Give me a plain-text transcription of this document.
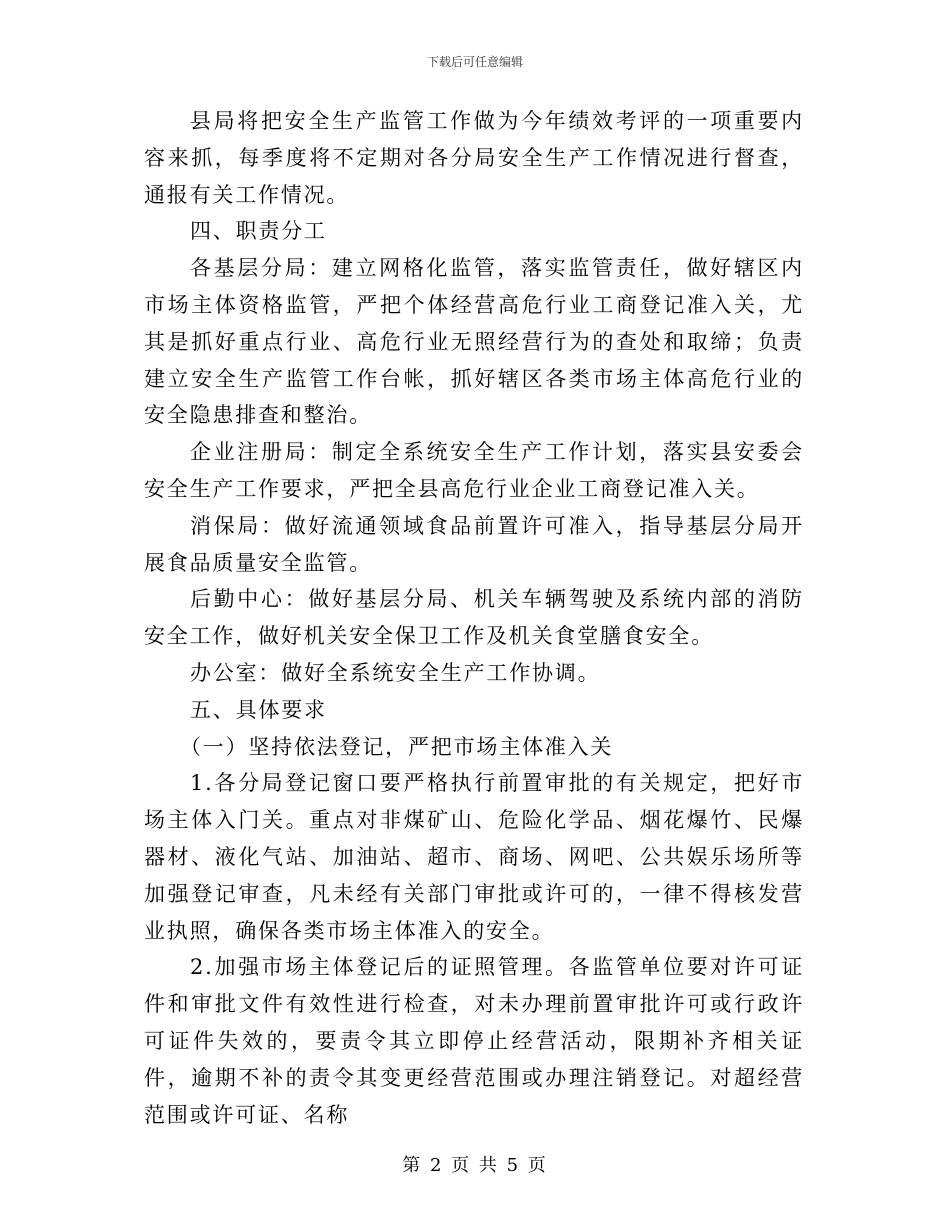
下载后可任意编辑

县局将把安全生产监管工作做为今年绩效考评的一项重要内容来抓，每季度将不定期对各分局安全生产工作情况进行督查，通报有关工作情况。

四、职责分工

各基层分局：建立网格化监管，落实监管责任，做好辖区内市场主体资格监管，严把个体经营高危行业工商登记准入关，尤其是抓好重点行业、高危行业无照经营行为的查处和取缔；负责建立安全生产监管工作台帐，抓好辖区各类市场主体高危行业的安全隐患排查和整治。

企业注册局：制定全系统安全生产工作计划，落实县安委会安全生产工作要求，严把全县高危行业企业工商登记准入关。

消保局：做好流通领域食品前置许可准入，指导基层分局开展食品质量安全监管。

后勤中心：做好基层分局、机关车辆驾驶及系统内部的消防安全工作，做好机关安全保卫工作及机关食堂膳食安全。

办公室：做好全系统安全生产工作协调。

五、具体要求

（一）坚持依法登记，严把市场主体准入关

1.各分局登记窗口要严格执行前置审批的有关规定，把好市场主体入门关。重点对非煤矿山、危险化学品、烟花爆竹、民爆器材、液化气站、加油站、超市、商场、网吧、公共娱乐场所等加强登记审查，凡未经有关部门审批或许可的，一律不得核发营业执照，确保各类市场主体准入的安全。

2.加强市场主体登记后的证照管理。各监管单位要对许可证件和审批文件有效性进行检查，对未办理前置审批许可或行政许可证件失效的，要责令其立即停止经营活动，限期补齐相关证件，逾期不补的责令其变更经营范围或办理注销登记。对超经营范围或许可证、名称

第 2 页 共 5 页
